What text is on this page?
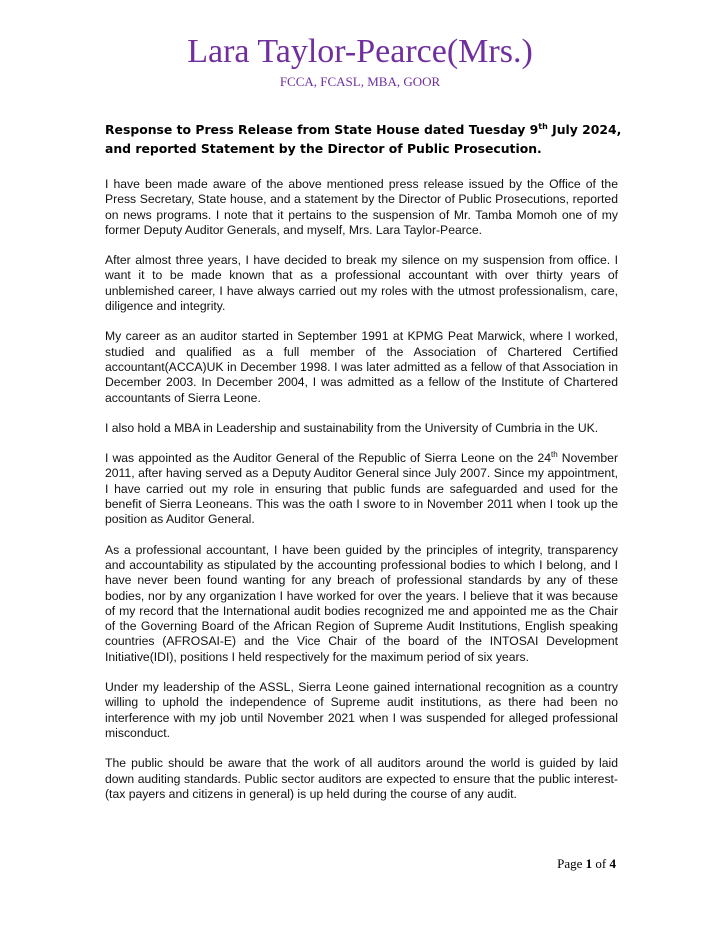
Lara Taylor-Pearce(Mrs.)
FCCA, FCASL, MBA, GOOR
Response to Press Release from State House dated Tuesday 9th July 2024, and reported Statement by the Director of Public Prosecution.

I have been made aware of the above mentioned press release issued by the Office of the Press Secretary, State house, and a statement by the Director of Public Prosecutions, reported on news programs. I note that it pertains to the suspension of Mr. Tamba Momoh one of my former Deputy Auditor Generals, and myself, Mrs. Lara Taylor-Pearce.

After almost three years, I have decided to break my silence on my suspension from office. I want it to be made known that as a professional accountant with over thirty years of unblemished career, I have always carried out my roles with the utmost professionalism, care, diligence and integrity.

My career as an auditor started in September 1991 at KPMG Peat Marwick, where I worked, studied and qualified as a full member of the Association of Chartered Certified accountant(ACCA)UK in December 1998. I was later admitted as a fellow of that Association in December 2003. In December 2004, I was admitted as a fellow of the Institute of Chartered accountants of Sierra Leone.

I also hold a MBA in Leadership and sustainability from the University of Cumbria in the UK.

I was appointed as the Auditor General of the Republic of Sierra Leone on the 24th November 2011, after having served as a Deputy Auditor General since July 2007. Since my appointment, I have carried out my role in ensuring that public funds are safeguarded and used for the benefit of Sierra Leoneans. This was the oath I swore to in November 2011 when I took up the position as Auditor General.

As a professional accountant, I have been guided by the principles of integrity, transparency and accountability as stipulated by the accounting professional bodies to which I belong, and I have never been found wanting for any breach of professional standards by any of these bodies, nor by any organization I have worked for over the years. I believe that it was because of my record that the International audit bodies recognized me and appointed me as the Chair of the Governing Board of the African Region of Supreme Audit Institutions, English speaking countries (AFROSAI-E) and the Vice Chair of the board of the INTOSAI Development Initiative(IDI), positions I held respectively for the maximum period of six years.

Under my leadership of the ASSL, Sierra Leone gained international recognition as a country willing to uphold the independence of Supreme audit institutions, as there had been no interference with my job until November 2021 when I was suspended for alleged professional misconduct.

The public should be aware that the work of all auditors around the world is guided by laid down auditing standards. Public sector auditors are expected to ensure that the public interest- (tax payers and citizens in general) is up held during the course of any audit.

Page 1 of 4
